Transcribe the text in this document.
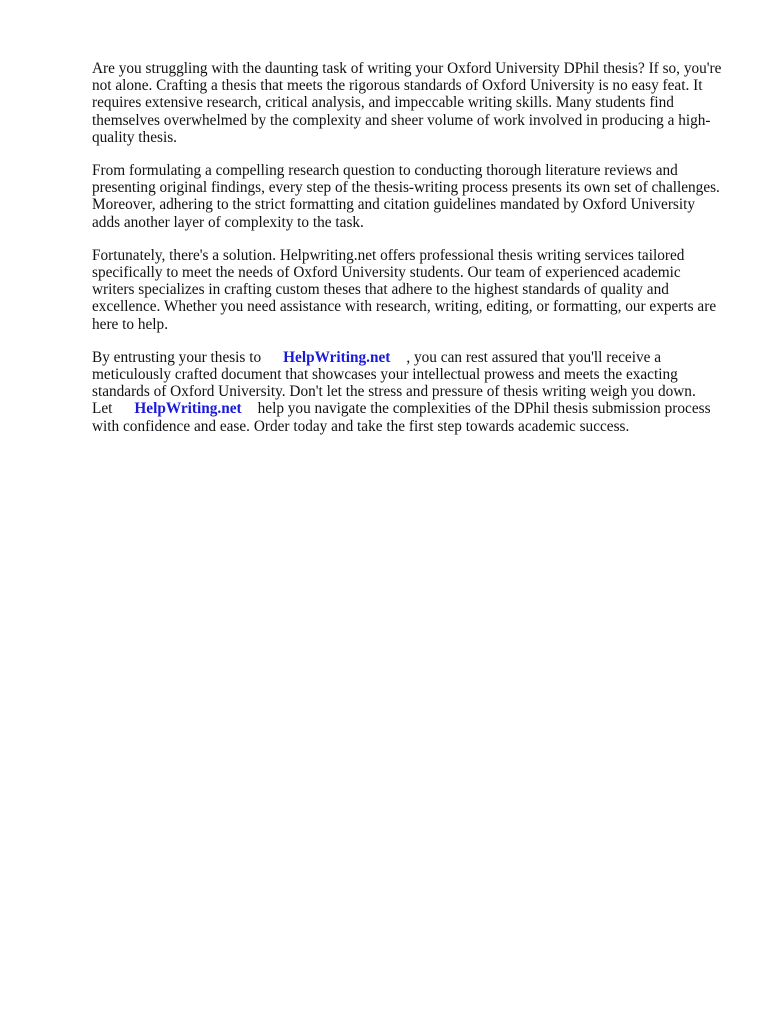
Are you struggling with the daunting task of writing your Oxford University DPhil thesis? If so, you're not alone. Crafting a thesis that meets the rigorous standards of Oxford University is no easy feat. It requires extensive research, critical analysis, and impeccable writing skills. Many students find themselves overwhelmed by the complexity and sheer volume of work involved in producing a high-quality thesis.

From formulating a compelling research question to conducting thorough literature reviews and presenting original findings, every step of the thesis-writing process presents its own set of challenges. Moreover, adhering to the strict formatting and citation guidelines mandated by Oxford University adds another layer of complexity to the task.

Fortunately, there's a solution. Helpwriting.net offers professional thesis writing services tailored specifically to meet the needs of Oxford University students. Our team of experienced academic writers specializes in crafting custom theses that adhere to the highest standards of quality and excellence. Whether you need assistance with research, writing, editing, or formatting, our experts are here to help.

By entrusting your thesis to HelpWriting.net , you can rest assured that you'll receive a meticulously crafted document that showcases your intellectual prowess and meets the exacting standards of Oxford University. Don't let the stress and pressure of thesis writing weigh you down.
Let HelpWriting.net help you navigate the complexities of the DPhil thesis submission process with confidence and ease. Order today and take the first step towards academic success.
